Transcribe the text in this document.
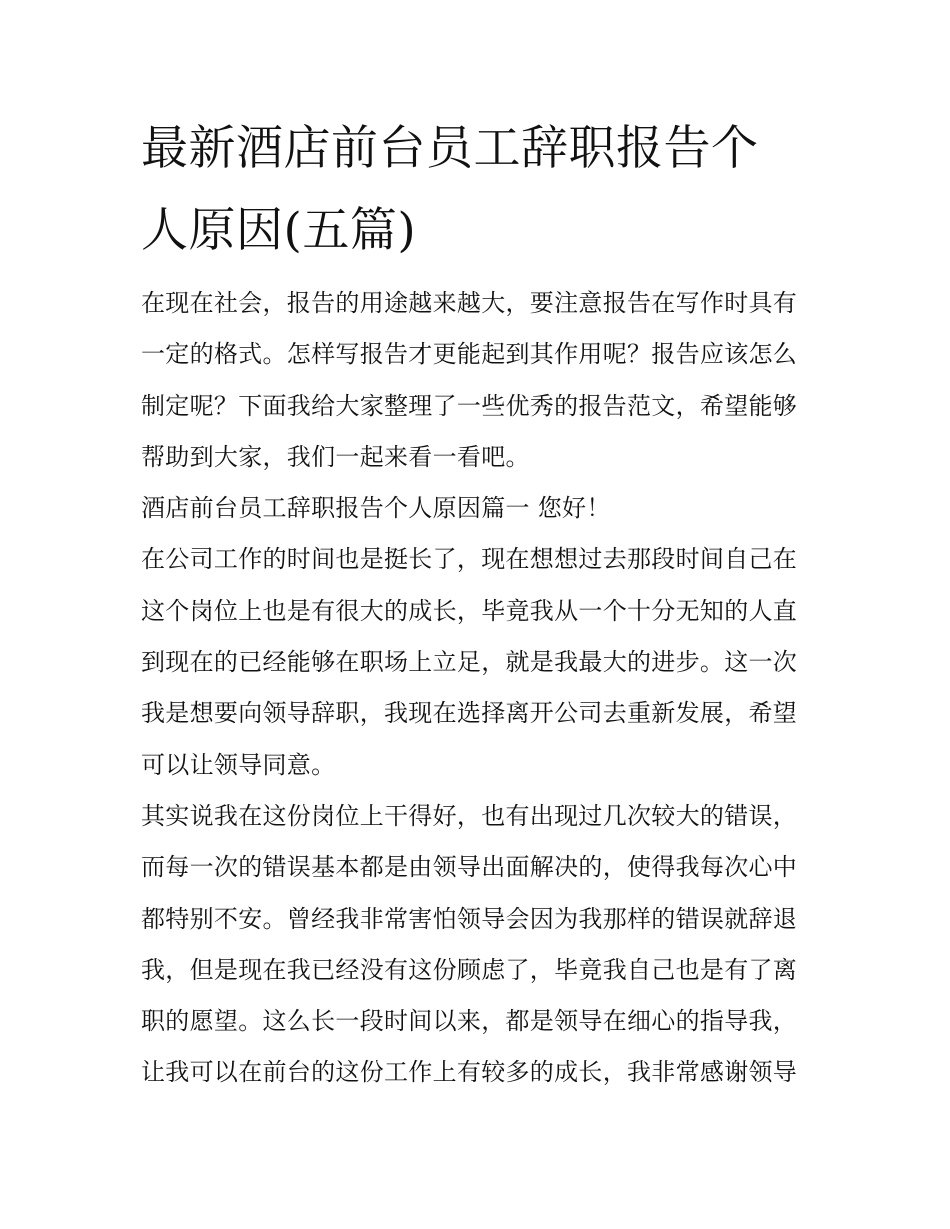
最新酒店前台员工辞职报告个
人原因(五篇)

在现在社会，报告的用途越来越大，要注意报告在写作时具有
一定的格式。怎样写报告才更能起到其作用呢？报告应该怎么
制定呢？下面我给大家整理了一些优秀的报告范文，希望能够
帮助到大家，我们一起来看一看吧。

酒店前台员工辞职报告个人原因篇一 您好！

在公司工作的时间也是挺长了，现在想想过去那段时间自己在
这个岗位上也是有很大的成长，毕竟我从一个十分无知的人直
到现在的已经能够在职场上立足，就是我最大的进步。这一次
我是想要向领导辞职，我现在选择离开公司去重新发展，希望
可以让领导同意。

其实说我在这份岗位上干得好，也有出现过几次较大的错误，
而每一次的错误基本都是由领导出面解决的，使得我每次心中
都特别不安。曾经我非常害怕领导会因为我那样的错误就辞退
我，但是现在我已经没有这份顾虑了，毕竟我自己也是有了离
职的愿望。这么长一段时间以来，都是领导在细心的指导我，
让我可以在前台的这份工作上有较多的成长，我非常感谢领导
